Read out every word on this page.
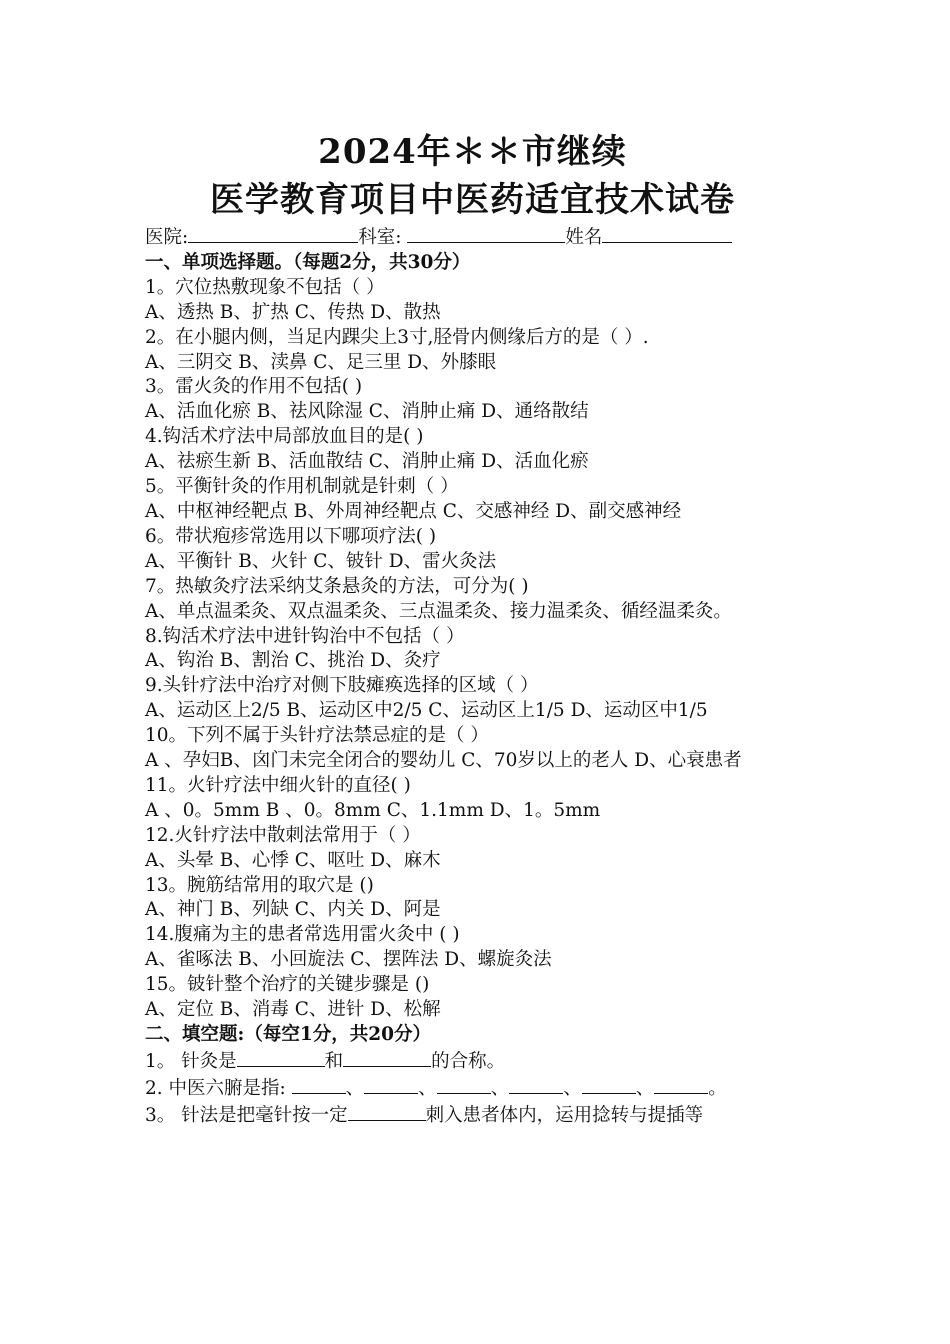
2024年＊＊市继续
医学教育项目中医药适宜技术试卷
医院:	科室:	姓名
一、单项选择题。（每题2分，共30分）
1。穴位热敷现象不包括（ ）
A、透热 B、扩热 C、传热 D、散热
2。在小腿内侧，当足内踝尖上3寸,胫骨内侧缘后方的是（ ）.
A、三阴交 B、渎鼻 C、足三里 D、外膝眼
3。雷火灸的作用不包括( )
A、活血化瘀 B、祛风除湿 C、消肿止痛 D、通络散结
4.钩活术疗法中局部放血目的是( )
A、祛瘀生新 B、活血散结 C、消肿止痛 D、活血化瘀
5。平衡针灸的作用机制就是针刺（ ）
A、中枢神经靶点 B、外周神经靶点 C、交感神经 D、副交感神经
6。带状疱疹常选用以下哪项疗法( )
A、平衡针 B、火针 C、铍针 D、雷火灸法
7。热敏灸疗法采纳艾条悬灸的方法，可分为( )
A、单点温柔灸、双点温柔灸、三点温柔灸、接力温柔灸、循经温柔灸。
8.钩活术疗法中进针钩治中不包括（ ）
A、钩治 B、割治 C、挑治 D、灸疗
9.头针疗法中治疗对侧下肢瘫痪选择的区域（ ）
A、运动区上2/5 B、运动区中2/5 C、运动区上1/5 D、运动区中1/5
10。下列不属于头针疗法禁忌症的是（ ）
A 、孕妇B、囟门未完全闭合的婴幼儿 C、70岁以上的老人 D、心衰患者
11。火针疗法中细火针的直径( )
A 、0。5mm B 、0。8mm C、1.1mm D、1。5mm
12.火针疗法中散刺法常用于（ ）
A、头晕 B、心悸 C、呕吐 D、麻木
13。腕筋结常用的取穴是 ()
A、神门 B、列缺 C、内关 D、阿是
14.腹痛为主的患者常选用雷火灸中 ( )
A、雀啄法 B、小回旋法 C、摆阵法 D、螺旋灸法
15。铍针整个治疗的关键步骤是 ()
A、定位 B、消毒 C、进针 D、松解
二、填空题:（每空1分，共20分）
1。 针灸是	和	的合称。
2. 中医六腑是指:	、	、	、	、	、	。
3。 针法是把毫针按一定	刺入患者体内，运用捻转与提插等
